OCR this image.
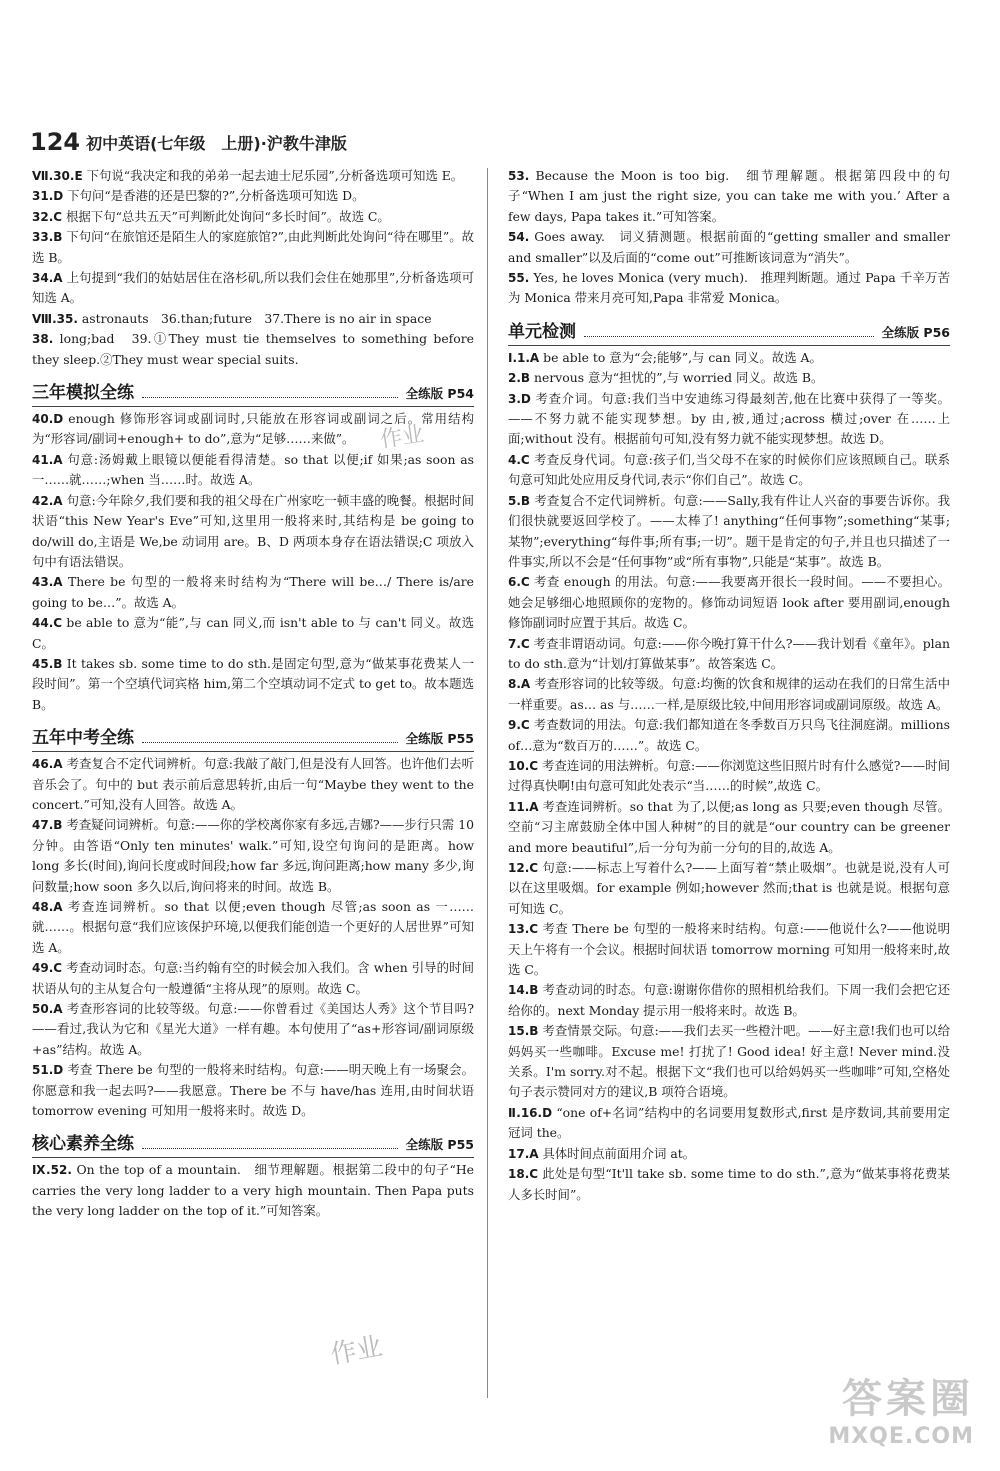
124 初中英语(七年级　上册)·沪教牛津版

Ⅶ.30.E 下句说“我决定和我的弟弟一起去迪士尼乐园”,分析备选项可知选 E。

31.D 下句问“是香港的还是巴黎的?”,分析备选项可知选 D。

32.C 根据下句“总共五天”可判断此处询问“多长时间”。故选 C。

33.B 下句问“在旅馆还是陌生人的家庭旅馆?”,由此判断此处询问“待在哪里”。故选 B。

34.A 上句提到“我们的姑姑居住在洛杉矶,所以我们会住在她那里”,分析备选项可知选 A。

Ⅷ.35. astronauts　36.than;future　37.There is no air in space

38. long;bad　39.①They must tie themselves to something before they sleep.②They must wear special suits.

三年模拟全练	全练版 P54

40.D enough 修饰形容词或副词时,只能放在形容词或副词之后。常用结构为“形容词/副词+enough+ to do”,意为“足够……来做”。

41.A 句意:汤姆戴上眼镜以便能看得清楚。so that 以便;if 如果;as soon as 一……就……;when 当……时。故选 A。

42.A 句意:今年除夕,我们要和我的祖父母在广州家吃一顿丰盛的晚餐。根据时间状语“this New Year's Eve”可知,这里用一般将来时,其结构是 be going to do/will do,主语是 We,be 动词用 are。B、D 两项本身存在语法错误;C 项放入句中有语法错误。

43.A There be 句型的一般将来时结构为“There will be…/ There is/are going to be…”。故选 A。

44.C be able to 意为“能”,与 can 同义,而 isn't able to 与 can't 同义。故选 C。

45.B It takes sb. some time to do sth.是固定句型,意为“做某事花费某人一段时间”。第一个空填代词宾格 him,第二个空填动词不定式 to get to。故本题选 B。

五年中考全练	全练版 P55

46.A 考查复合不定代词辨析。句意:我敲了敲门,但是没有人回答。也许他们去听音乐会了。句中的 but 表示前后意思转折,由后一句“Maybe they went to the concert.”可知,没有人回答。故选 A。

47.B 考查疑问词辨析。句意:——你的学校离你家有多远,吉娜?——步行只需 10 分钟。由答语“Only ten minutes' walk.”可知,设空句询问的是距离。how long 多长(时间),询问长度或时间段;how far 多远,询问距离;how many 多少,询问数量;how soon 多久以后,询问将来的时间。故选 B。

48.A 考查连词辨析。so that 以便;even though 尽管;as soon as 一……就……。根据句意“我们应该保护环境,以便我们能创造一个更好的人居世界”可知选 A。

49.C 考查动词时态。句意:当约翰有空的时候会加入我们。含 when 引导的时间状语从句的主从复合句一般遵循“主将从现”的原则。故选 C。

50.A 考查形容词的比较等级。句意:——你曾看过《美国达人秀》这个节目吗?——看过,我认为它和《星光大道》一样有趣。本句使用了“as+形容词/副词原级+as”结构。故选 A。

51.D 考查 There be 句型的一般将来时结构。句意:——明天晚上有一场聚会。你愿意和我一起去吗?——我愿意。There be 不与 have/has 连用,由时间状语 tomorrow evening 可知用一般将来时。故选 D。

核心素养全练	全练版 P55

Ⅸ.52. On the top of a mountain.　细节理解题。根据第二段中的句子“He carries the very long ladder to a very high mountain. Then Papa puts the very long ladder on the top of it.”可知答案。

53. Because the Moon is too big.　细节理解题。根据第四段中的句子“When I am just the right size, you can take me with you.’ After a few days, Papa takes it.”可知答案。

54. Goes away.　词义猜测题。根据前面的“getting smaller and smaller and smaller”以及后面的“come out”可推断该词意为“消失”。

55. Yes, he loves Monica (very much).　推理判断题。通过 Papa 千辛万苦为 Monica 带来月亮可知,Papa 非常爱 Monica。

单元检测	全练版 P56

Ⅰ.1.A be able to 意为“会;能够”,与 can 同义。故选 A。

2.B nervous 意为“担忧的”,与 worried 同义。故选 B。

3.D 考查介词。句意:我们当中安迪练习得最刻苦,他在比赛中获得了一等奖。——不努力就不能实现梦想。by 由,被,通过;across 横过;over 在……上面;without 没有。根据前句可知,没有努力就不能实现梦想。故选 D。

4.C 考查反身代词。句意:孩子们,当父母不在家的时候你们应该照顾自己。联系句意可知此处应用反身代词,表示“你们自己”。故选 C。

5.B 考查复合不定代词辨析。句意:——Sally,我有件让人兴奋的事要告诉你。我们很快就要返回学校了。——太棒了! anything“任何事物”;something“某事;某物”;everything“每件事;所有事;一切”。题干是肯定的句子,并且也只描述了一件事实,所以不会是“任何事物”或“所有事物”,只能是“某事”。故选 B。

6.C 考查 enough 的用法。句意:——我要离开很长一段时间。——不要担心。她会足够细心地照顾你的宠物的。修饰动词短语 look after 要用副词,enough 修饰副词时应置于其后。故选 C。

7.C 考查非谓语动词。句意:——你今晚打算干什么?——我计划看《童年》。plan to do sth.意为“计划/打算做某事”。故答案选 C。

8.A 考查形容词的比较等级。句意:均衡的饮食和规律的运动在我们的日常生活中一样重要。as… as 与……一样,是原级比较,中间用形容词或副词原级。故选 A。

9.C 考查数词的用法。句意:我们都知道在冬季数百万只鸟飞往洞庭湖。millions of…意为“数百万的……”。故选 C。

10.C 考查连词的用法辨析。句意:——你浏览这些旧照片时有什么感觉?——时间过得真快啊!由句意可知此处表示“当……的时候”,故选 C。

11.A 考查连词辨析。so that 为了,以便;as long as 只要;even though 尽管。空前“习主席鼓励全体中国人种树”的目的就是“our country can be greener and more beautiful”,后一分句为前一分句的目的,故选 A。

12.C 句意:——标志上写着什么?——上面写着“禁止吸烟”。也就是说,没有人可以在这里吸烟。for example 例如;however 然而;that is 也就是说。根据句意可知选 C。

13.C 考查 There be 句型的一般将来时结构。句意:——他说什么?——他说明天上午将有一个会议。根据时间状语 tomorrow morning 可知用一般将来时,故选 C。

14.B 考查动词的时态。句意:谢谢你借你的照相机给我们。下周一我们会把它还给你的。next Monday 提示用一般将来时。故选 B。

15.B 考查情景交际。句意:——我们去买一些橙汁吧。——好主意!我们也可以给妈妈买一些咖啡。Excuse me! 打扰了! Good idea! 好主意! Never mind.没关系。I'm sorry.对不起。根据下文“我们也可以给妈妈买一些咖啡”可知,空格处句子表示赞同对方的建议,B 项符合语境。

Ⅱ.16.D “one of+名词”结构中的名词要用复数形式,first 是序数词,其前要用定冠词 the。

17.A 具体时间点前面用介词 at。

18.C 此处是句型“It'll take sb. some time to do sth.”,意为“做某事将花费某人多长时间”。

作业
作业
答案圈
MXQE.COM
